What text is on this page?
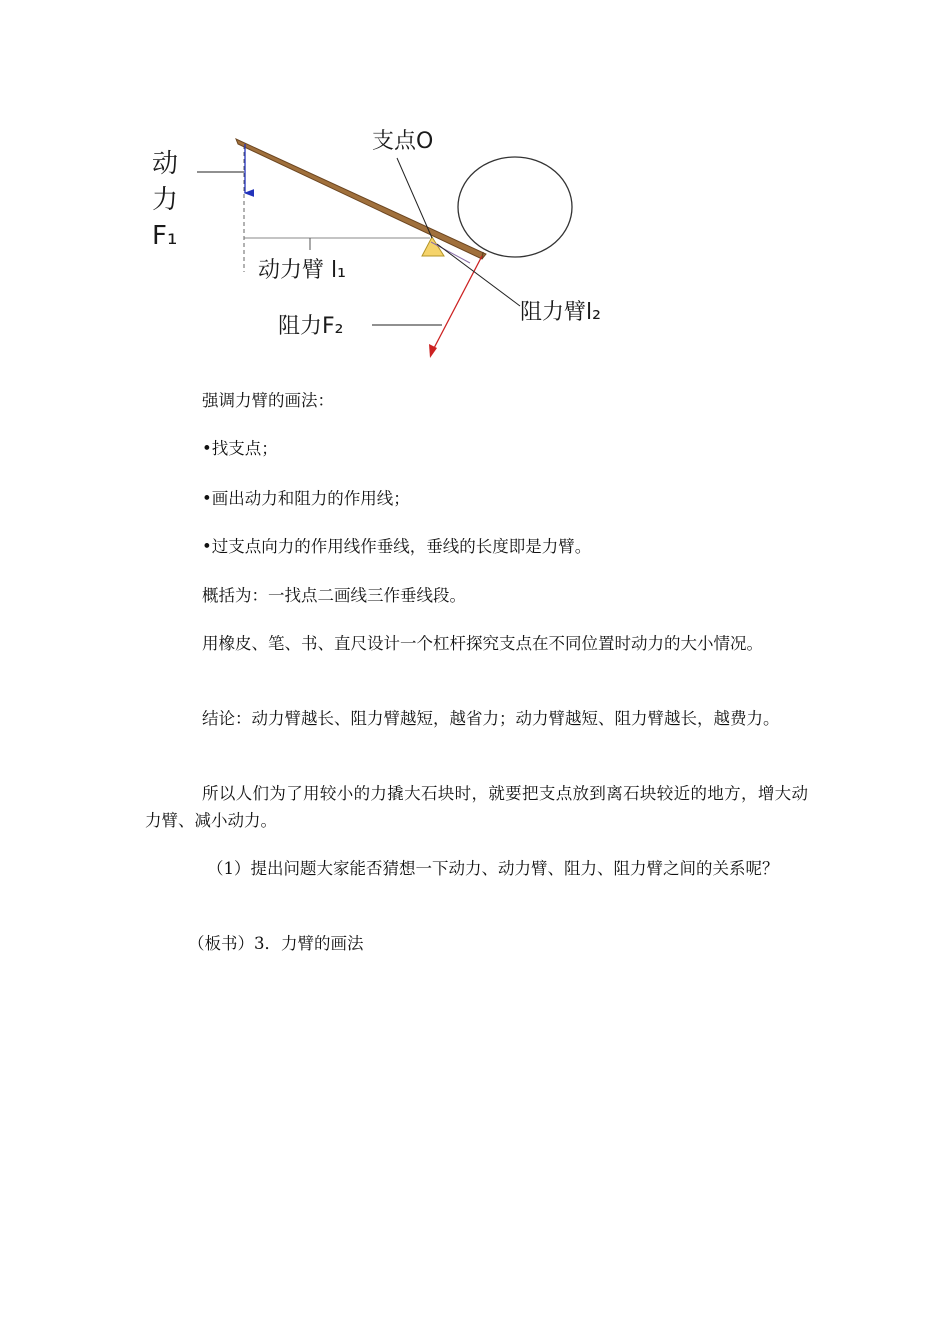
动
力
F₁
支点O
动力臂 l₁
阻力F₂
阻力臂l₂

强调力臂的画法：

•找支点；

•画出动力和阻力的作用线；

•过支点向力的作用线作垂线，垂线的长度即是力臂。

概括为：一找点二画线三作垂线段。

用橡皮、笔、书、直尺设计一个杠杆探究支点在不同位置时动力的大小情况。

结论：动力臂越长、阻力臂越短，越省力；动力臂越短、阻力臂越长，越费力。

所以人们为了用较小的力撬大石块时，就要把支点放到离石块较近的地方，增大动力臂、减小动力。

（1）提出问题大家能否猜想一下动力、动力臂、阻力、阻力臂之间的关系呢？

（板书）3．力臂的画法
